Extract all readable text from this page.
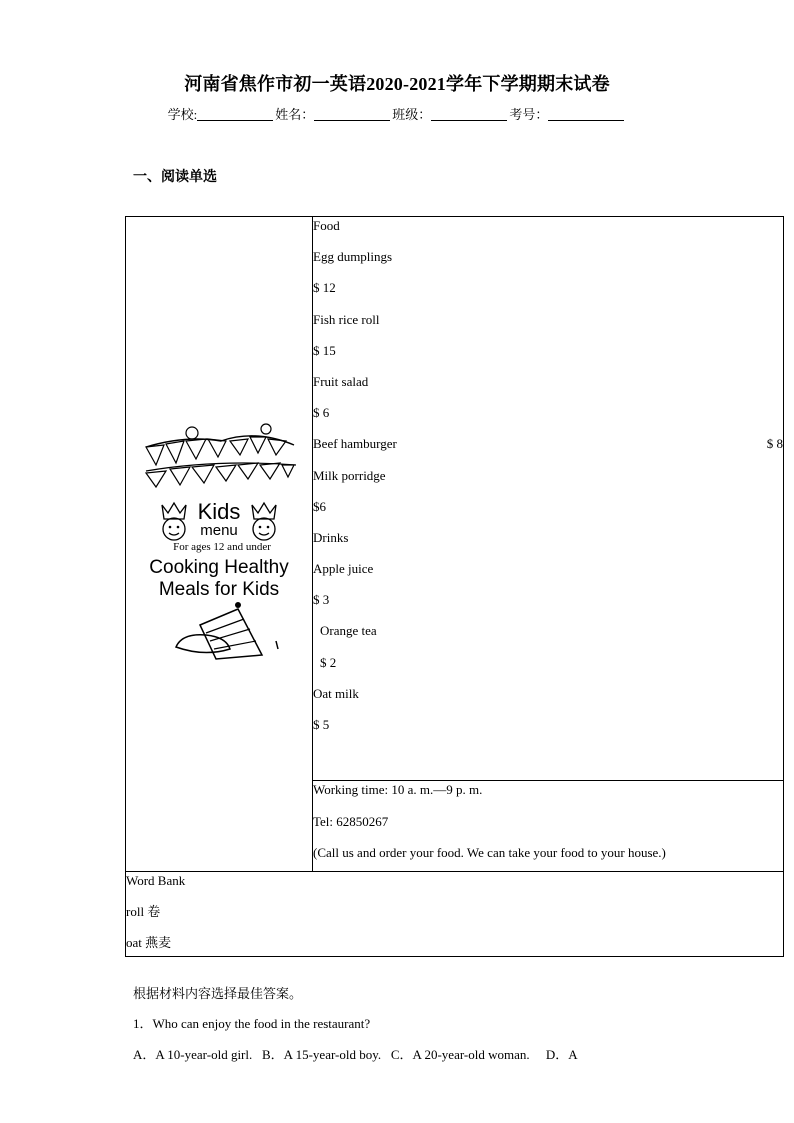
河南省焦作市初一英语2020-2021学年下学期期末试卷
学校:	姓名：	班级：	考号：
一、阅读单选
Kids
menu
For ages 12 and under
Cooking Healthy
Meals for Kids

Food
Egg dumplings
$ 12
Fish rice roll
$ 15
Fruit salad
$ 6
Beef hamburger	$ 8
Milk porridge
$6
Drinks
Apple juice
$ 3
Orange tea
$ 2
Oat milk
$ 5

Working time: 10 a. m.—9 p. m.
Tel: 62850267
(Call us and order your food. We can take your food to your house.)

Word Bank
roll 卷
oat 燕麦
根据材料内容选择最佳答案。
1．Who can enjoy the food in the restaurant?
A．A 10-year-old girl. B．A 15-year-old boy. C．A 20-year-old woman. D．A
